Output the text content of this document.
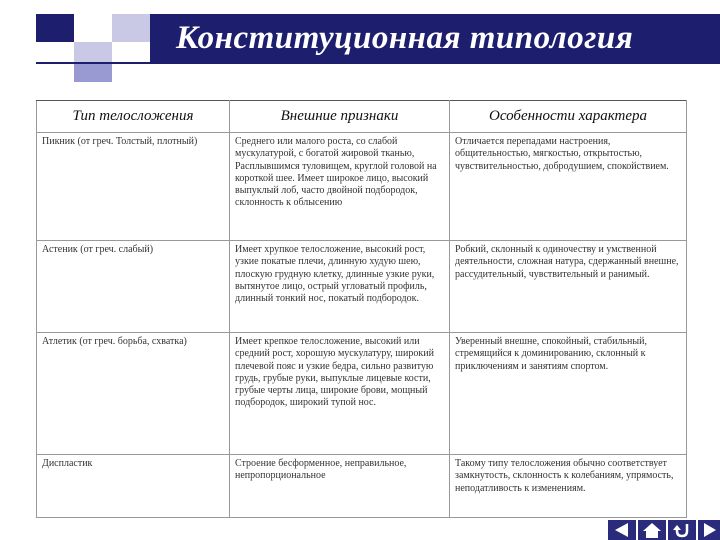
Конституционная типология
Тип телосложения	Внешние признаки	Особенности характера
Пикник (от греч. Толстый, плотный)	Среднего или малого роста, со слабой мускулатурой, с богатой жировой тканью, Расплывшимся туловищем, круглой головой на короткой шее. Имеет широкое лицо, высокий выпуклый лоб, часто двойной подбородок, склонность к облысению	Отличается перепадами настроения, общительностью, мягкостью, открытостью, чувствительностью, добродушием, спокойствием.
Астеник (от греч. слабый)	Имеет хрупкое телосложение, высокий рост, узкие покатые плечи, длинную худую шею, плоскую грудную клетку, длинные узкие руки, вытянутое лицо, острый угловатый профиль, длинный тонкий нос, покатый подбородок.	Робкий, склонный к одиночеству и умственной деятельности, сложная натура, сдержанный внешне, рассудительный, чувствительный и ранимый.
Атлетик (от греч. борьба, схватка)	Имеет крепкое телосложение, высокий или средний рост, хорошую мускулатуру, широкий плечевой пояс и узкие бедра, сильно развитую грудь, грубые руки, выпуклые лицевые кости, грубые черты лица, широкие брови, мощный подбородок, широкий тупой нос.	Уверенный внешне, спокойный, стабильный, стремящийся к доминированию, склонный к приключениям и занятиям спортом.
Диспластик	Строение бесформенное, неправильное, непропорциональное	Такому типу телосложения обычно соответствует замкнутость, склонность к колебаниям, упрямость, неподатливость к изменениям.
